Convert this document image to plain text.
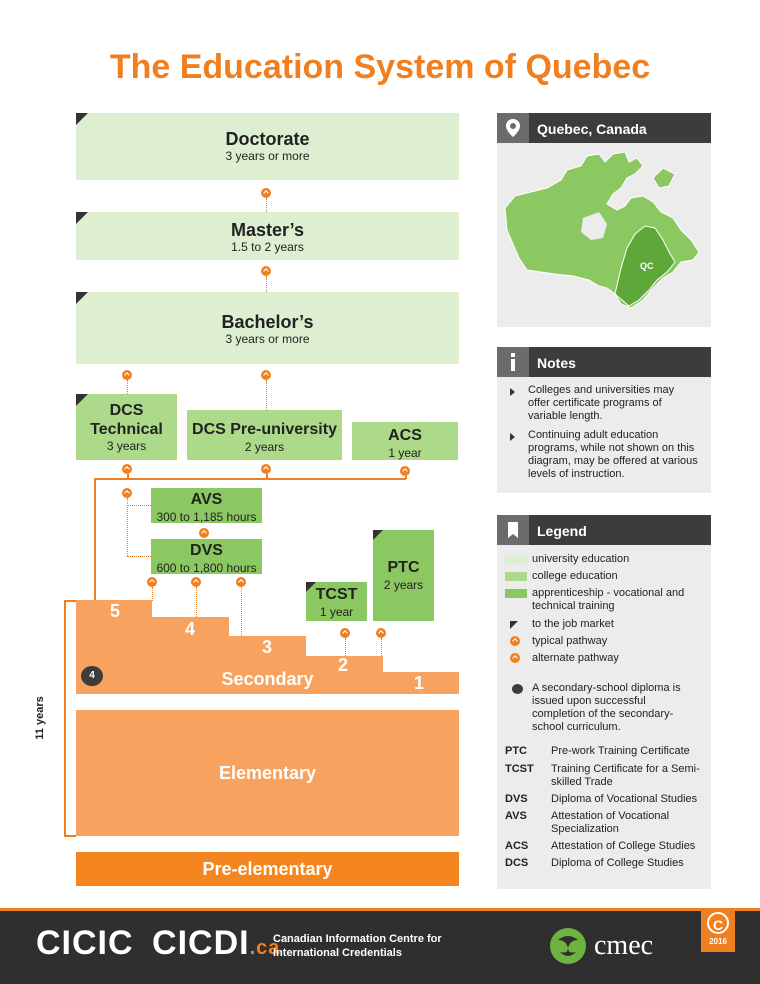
The Education System of Quebec
Doctorate
3 years or more
Master’s
1.5 to 2 years
Bachelor’s
3 years or more
DCS
Technical
3 years
DCS Pre-university
2 years
ACS
1 year
AVS
300 to 1,185 hours
DVS
600 to 1,800 hours
TCST
1 year
PTC
2 years
5
4
3
2
1
Secondary
4
Elementary
11 years
Pre-elementary
Quebec, Canada
QC
Notes
Colleges and universities may offer certificate programs of variable length.
Continuing adult education programs, while not shown on this diagram, may be offered at various levels of instruction.
Legend
university education
college education
apprenticeship - vocational and technical training
to the job market
typical pathway
alternate pathway
A secondary-school diploma is issued upon successful completion of the secondary-school curriculum.
PTC Pre-work Training Certificate
TCST Training Certificate for a Semi-skilled Trade
DVS Diploma of Vocational Studies
AVS Attestation of Vocational Specialization
ACS Attestation of College Studies
DCS Diploma of College Studies
CICIC CICDI.ca
Canadian Information Centre for
International Credentials	cmec
C
2016
